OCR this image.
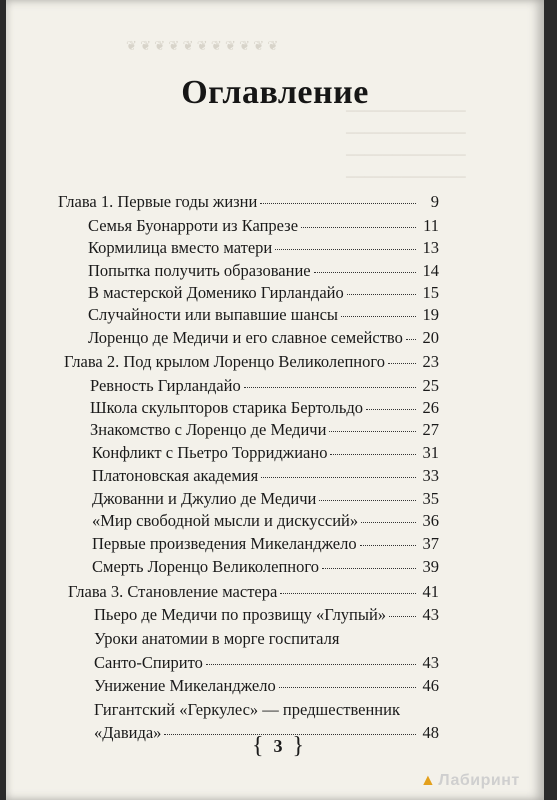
❦ ❦ ❦ ❦ ❦ ❦ ❦ ❦ ❦ ❦ ❦
─────────────
─────────────
─────────────
─────────────
Оглавление
Глава 1. Первые годы жизни	9
Семья Буонарроти из Капрезе	11
Кормилица вместо матери	13
Попытка получить образование	14
В мастерской Доменико Гирландайо	15
Случайности или выпавшие шансы	19
Лоренцо де Медичи и его славное семейство 20
Глава 2. Под крылом Лоренцо Великолепного 23
Ревность Гирландайо	25
Школа скульпторов старика Бертольдо	26
Знакомство с Лоренцо де Медичи	27
Конфликт с Пьетро Торриджиано	31
Платоновская академия	33
Джованни и Джулио де Медичи	35
«Мир свободной мысли и дискуссий»	36
Первые произведения Микеланджело	37
Смерть Лоренцо Великолепного	39
Глава 3. Становление мастера	41
Пьеро де Медичи по прозвищу «Глупый» 43
Уроки анатомии в морге госпиталя
Санто-Спирито	43
Унижение Микеланджело	46
Гигантский «Геркулес» — предшественник
«Давида»	48
{ 3 }
▲ Лабиринт
